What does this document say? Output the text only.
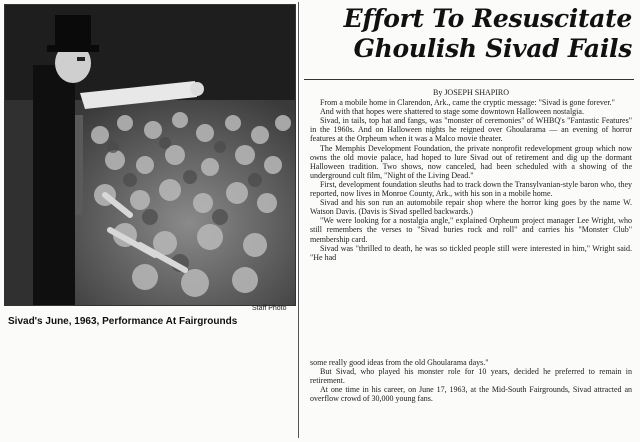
Staff Photo
Sivad's June, 1963, Performance At Fairgrounds
Effort To Resuscitate
Ghoulish Sivad Fails
By JOSEPH SHAPIRO

From a mobile home in Clarendon, Ark., came the cryptic message: "Sivad is gone forever."

And with that hopes were shattered to stage some downtown Halloween nostalgia.

Sivad, in tails, top hat and fangs, was "monster of ceremonies" of WHBQ's "Fantastic Features" in the 1960s. And on Halloween nights he reigned over Ghoularama — an evening of horror features at the Orpheum when it was a Malco movie theater.

The Memphis Development Foundation, the private nonprofit redevelopment group which now owns the old movie palace, had hoped to lure Sivad out of retirement and dig up the dormant Halloween tradition. Two shows, now canceled, had been scheduled with a showing of the underground cult film, "Night of the Living Dead."

First, development foundation sleuths had to track down the Transylvanian-style baron who, they reported, now lives in Monroe County, Ark., with his son in a mobile home.

Sivad and his son run an automobile repair shop where the horror king goes by the name W. Watson Davis. (Davis is Sivad spelled backwards.)

"We were looking for a nostalgia angle," explained Orpheum project manager Lee Wright, who still remembers the verses to "Sivad buries rock and roll" and carries his "Monster Club" membership card.

Sivad was "thrilled to death, he was so tickled people still were interested in him," Wright said. "He had

some really good ideas from the old Ghoularama days."

But Sivad, who played his monster role for 10 years, decided he preferred to remain in retirement.

At one time in his career, on June 17, 1963, at the Mid-South Fairgrounds, Sivad attracted an overflow crowd of 30,000 young fans.
